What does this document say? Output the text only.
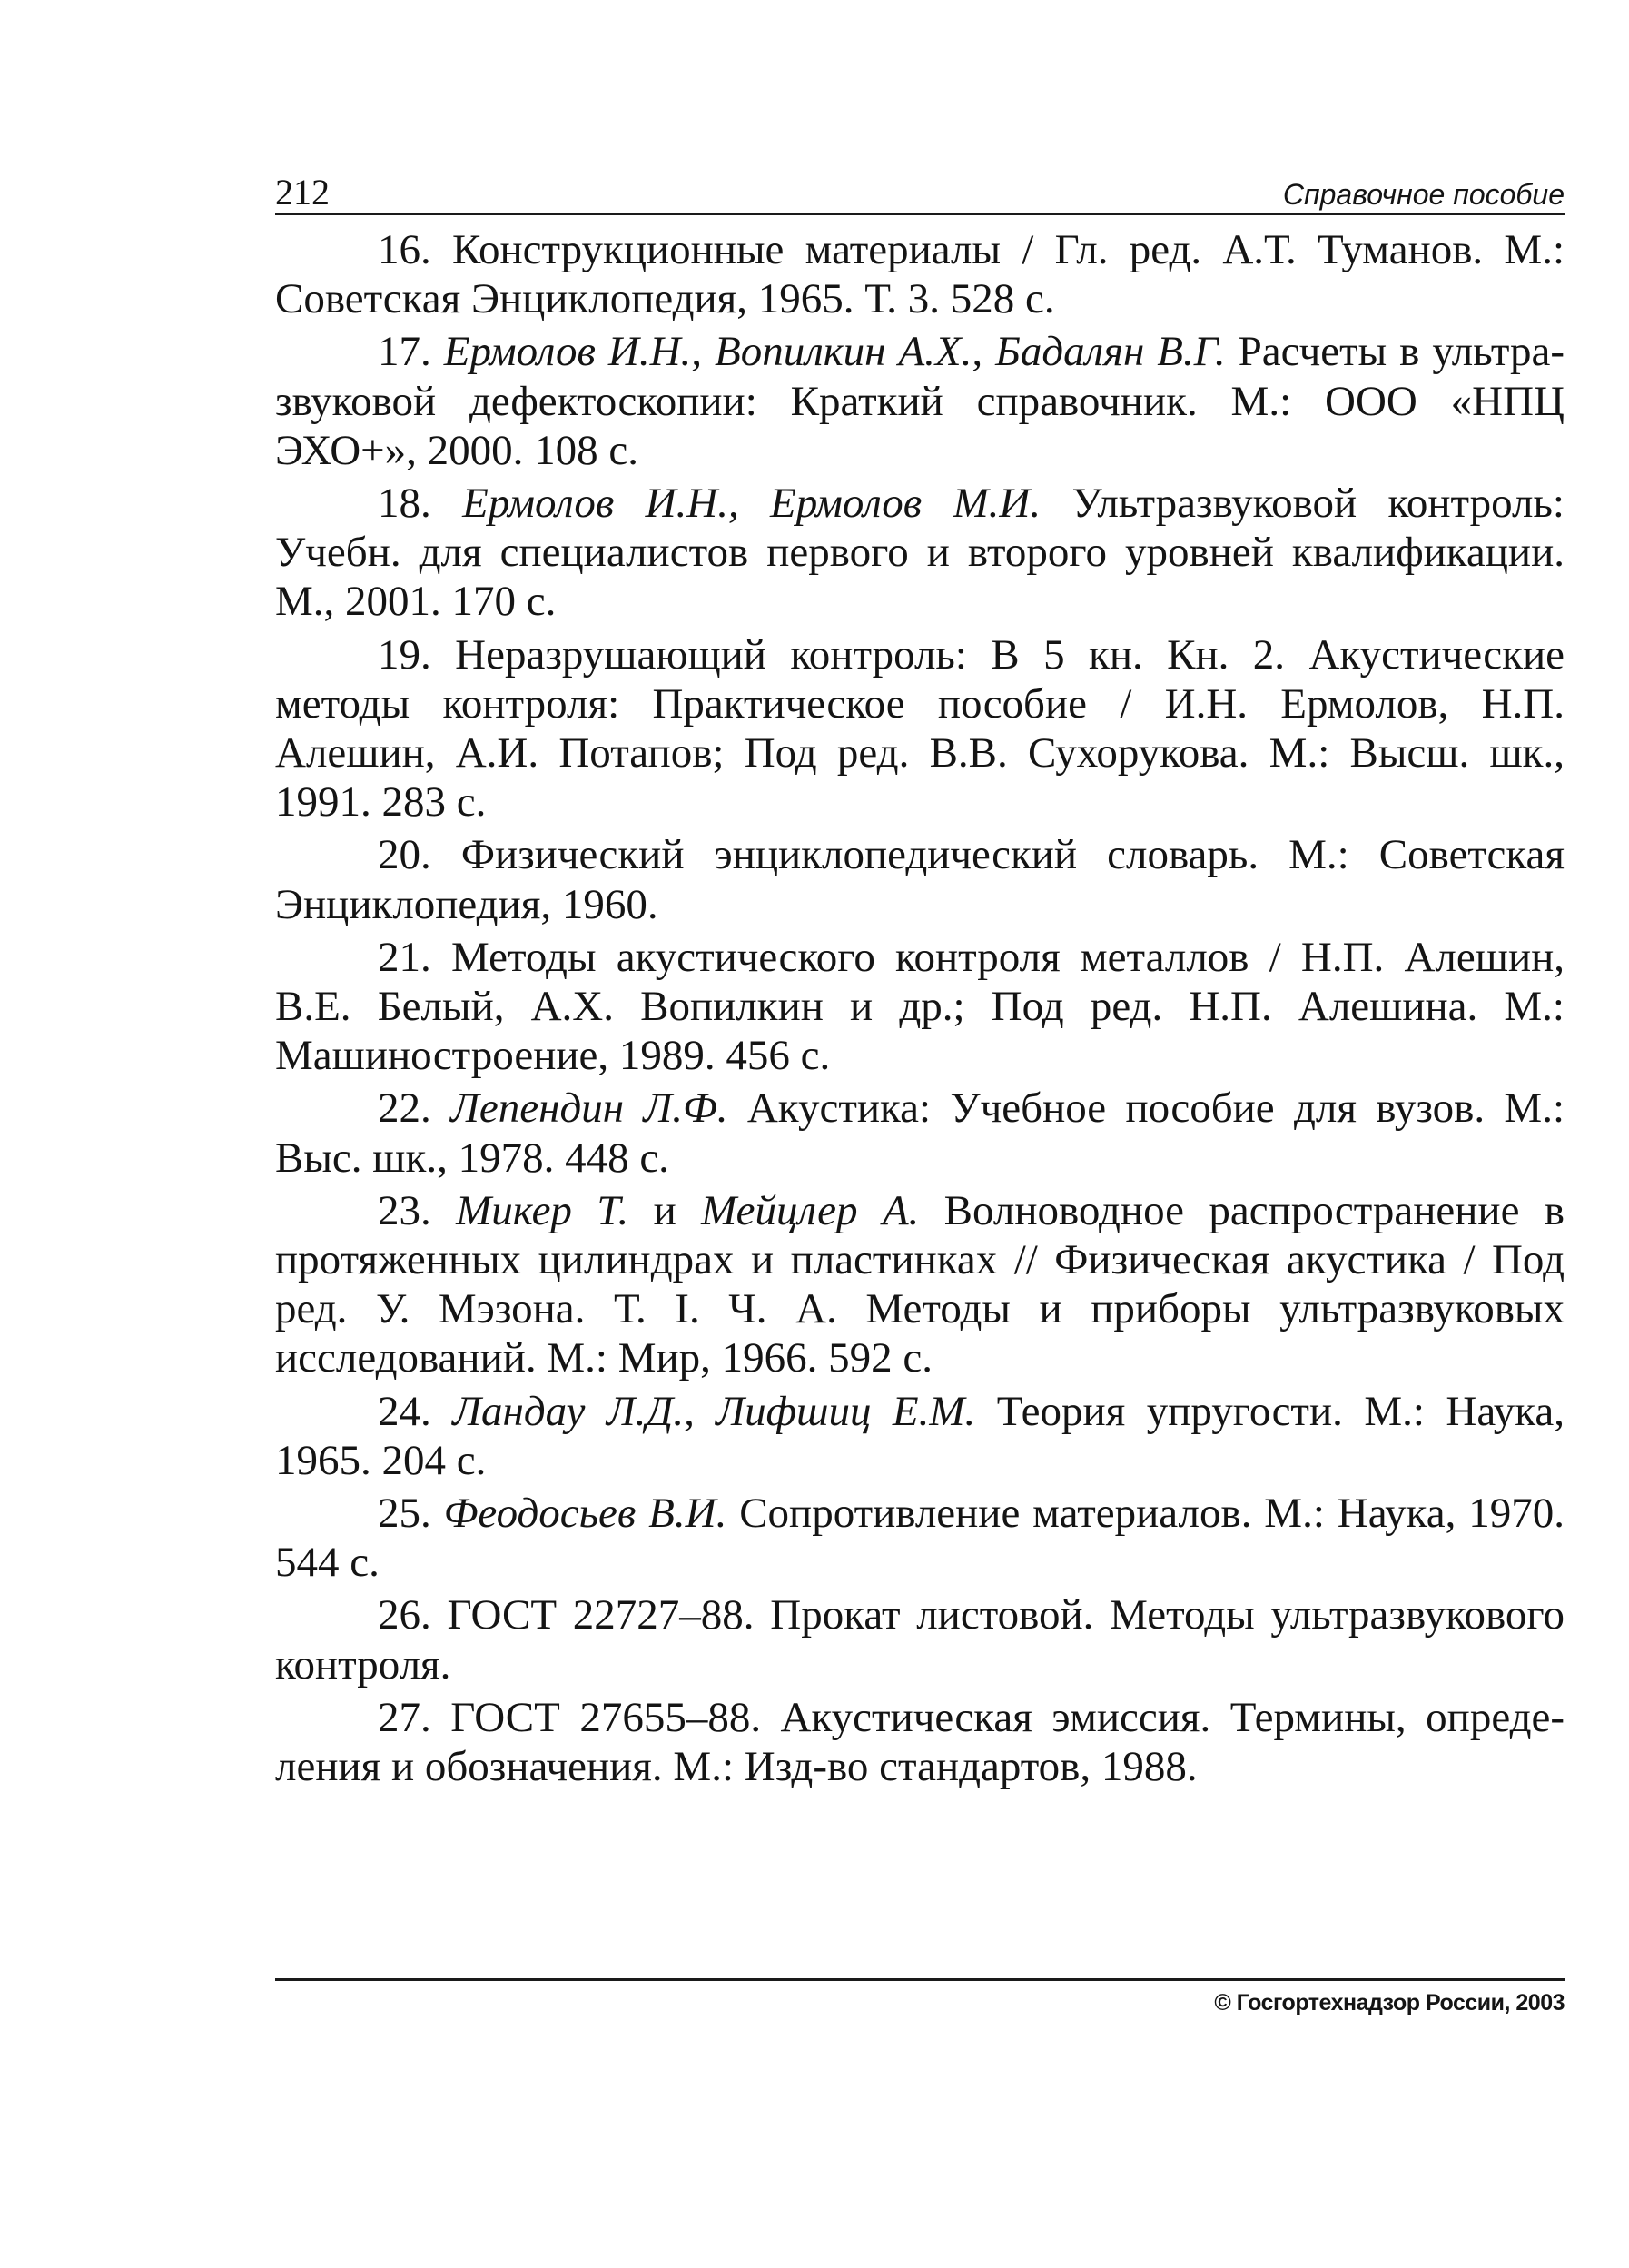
212	Справочное пособие
16. Конструкционные материалы / Гл. ред. А.Т. Туманов. М.: Советская Энциклопедия, 1965. Т. 3. 528 с.
17. Ермолов И.Н., Вопилкин А.Х., Бадалян В.Г. Расчеты в ультразвуковой дефектоскопии: Краткий справочник. М.: ООО «НПЦ ЭХО+», 2000. 108 с.
18. Ермолов И.Н., Ермолов М.И. Ультразвуковой контроль: Учебн. для специалистов первого и второго уровней квалификации. М., 2001. 170 с.
19. Неразрушающий контроль: В 5 кн. Кн. 2. Акустические методы контроля: Практическое пособие / И.Н. Ермолов, Н.П. Алешин, А.И. Потапов; Под ред. В.В. Сухорукова. М.: Высш. шк., 1991. 283 с.
20. Физический энциклопедический словарь. М.: Советская Энциклопедия, 1960.
21. Методы акустического контроля металлов / Н.П. Алешин, В.Е. Белый, А.Х. Вопилкин и др.; Под ред. Н.П. Алешина. М.: Машиностроение, 1989. 456 с.
22. Лепендин Л.Ф. Акустика: Учебное пособие для вузов. М.: Выс. шк., 1978. 448 с.
23. Микер Т. и Мейцлер А. Волноводное распространение в протяженных цилиндрах и пластинках // Физическая акустика / Под ред. У. Мэзона. Т. I. Ч. А. Методы и приборы ультразвуковых исследований. М.: Мир, 1966. 592 с.
24. Ландау Л.Д., Лифшиц Е.М. Теория упругости. М.: Наука, 1965. 204 с.
25. Феодосьев В.И. Сопротивление материалов. М.: Наука, 1970. 544 с.
26. ГОСТ 22727–88. Прокат листовой. Методы ультразвукового контроля.
27. ГОСТ 27655–88. Акустическая эмиссия. Термины, определения и обозначения. М.: Изд-во стандартов, 1988.
© Госгортехнадзор России, 2003
